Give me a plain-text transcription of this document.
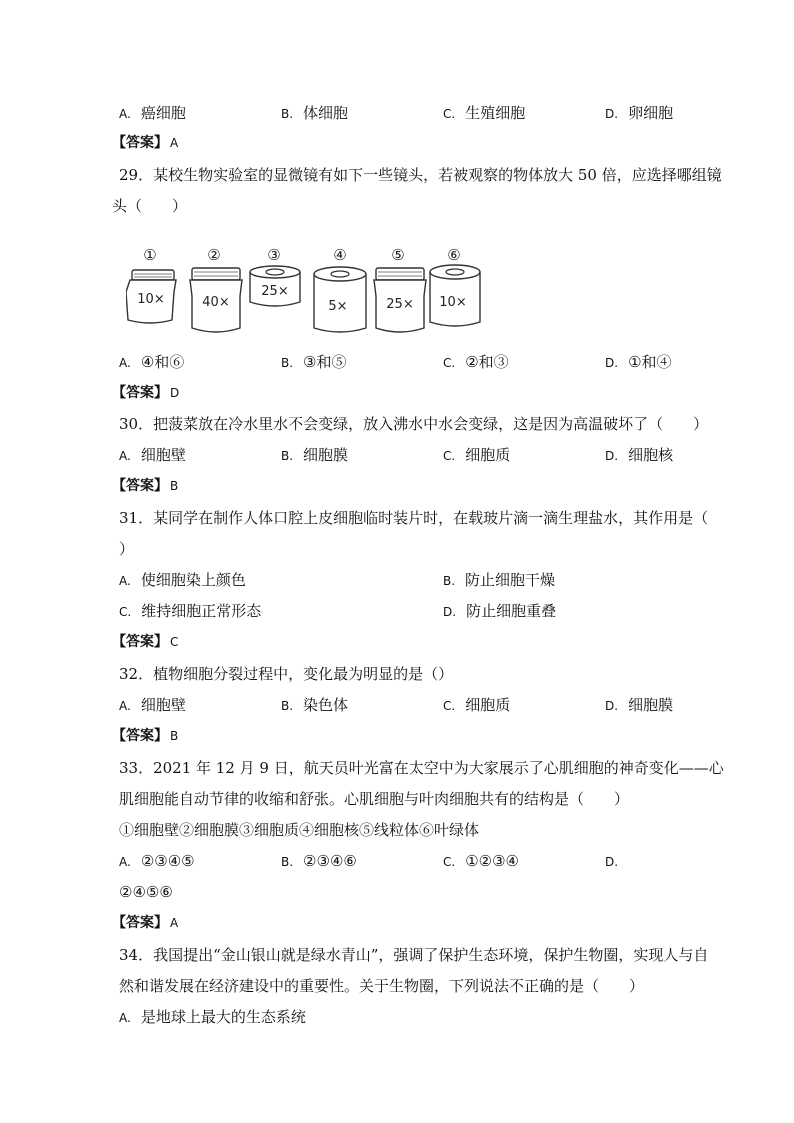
A. 癌细胞	B. 体细胞	C. 生殖细胞	D. 卵细胞
【答案】 A
29．某校生物实验室的显微镜有如下一些镜头，若被观察的物体放大 50 倍，应选择哪组镜
头（　　）
①
10×
②
40×
③
25×
④
5×
⑤
25×
⑥
10×
A. ④和⑥	B. ③和⑤	C. ②和③	D. ①和④
【答案】 D
30．把菠菜放在冷水里水不会变绿，放入沸水中水会变绿，这是因为高温破坏了（　　）
A. 细胞壁	B. 细胞膜	C. 细胞质	D. 细胞核
【答案】 B
31．某同学在制作人体口腔上皮细胞临时装片时，在载玻片滴一滴生理盐水，其作用是（
）
A. 使细胞染上颜色	B. 防止细胞干燥
C. 维持细胞正常形态	D. 防止细胞重叠
【答案】 C
32．植物细胞分裂过程中，变化最为明显的是（）
A. 细胞壁	B. 染色体	C. 细胞质	D. 细胞膜
【答案】 B
33．2021 年 12 月 9 日，航天员叶光富在太空中为大家展示了心肌细胞的神奇变化——心
肌细胞能自动节律的收缩和舒张。心肌细胞与叶肉细胞共有的结构是（　　）
①细胞壁②细胞膜③细胞质④细胞核⑤线粒体⑥叶绿体
A. ②③④⑤	B. ②③④⑥	C. ①②③④	D.
②④⑤⑥
【答案】 A
34．我国提出“金山银山就是绿水青山”，强调了保护生态环境，保护生物圈，实现人与自
然和谐发展在经济建设中的重要性。关于生物圈，下列说法不正确的是（　　）
A. 是地球上最大的生态系统
